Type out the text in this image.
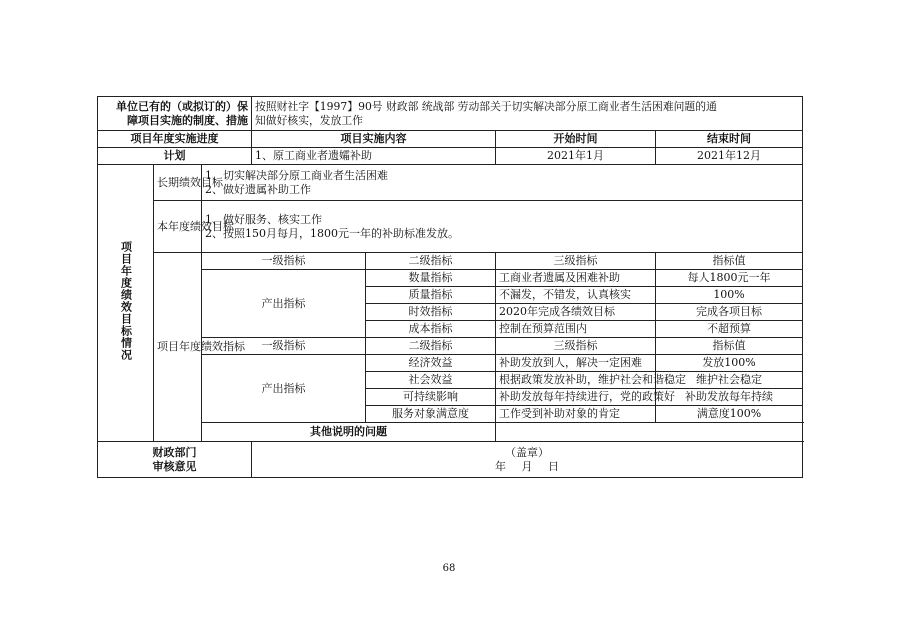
单位已有的（或拟订的）保
障项目实施的制度、措施			按照财社字【1997】90号 财政部 统战部 劳动部关于切实解决部分原工商业者生活困难问题的通
知做好核实，发放工作			

项目年度实施进度			项目实施内容		开始时间	结束时间
计划			1、原工商业者遗孀补助		2021年1月	2021年12月
项目年度绩效目标情况	长期绩效目标	1、切实解决部分原工商业者生活困难
2、做好遗属补助工作				

	本年度绩效目标	1、做好服务、核实工作
2、按照150月每月，1800元一年的补助标准发放。				

	项目年度绩效指标	一级指标		二级指标	三级指标	指标值
		产出指标		数量指标	工商业者遗属及困难补助	每人1800元一年
				质量指标	不漏发，不错发，认真核实	100%
				时效指标	2020年完成各绩效目标	完成各项目标
				成本指标	控制在预算范围内	不超预算
		一级指标		二级指标	三级指标	指标值
		产出指标		经济效益	补助发放到人，解决一定困难	发放100%
				社会效益	根据政策发放补助，维护社会和谐稳定	维护社会稳定
				可持续影响	补助发放每年持续进行，党的政策好	补助发放每年持续
				服务对象满意度	工作受到补助对象的肯定	满意度100%
		其他说明的问题				

财政部门
审核意见			（盖章）
年 月 日			
68
